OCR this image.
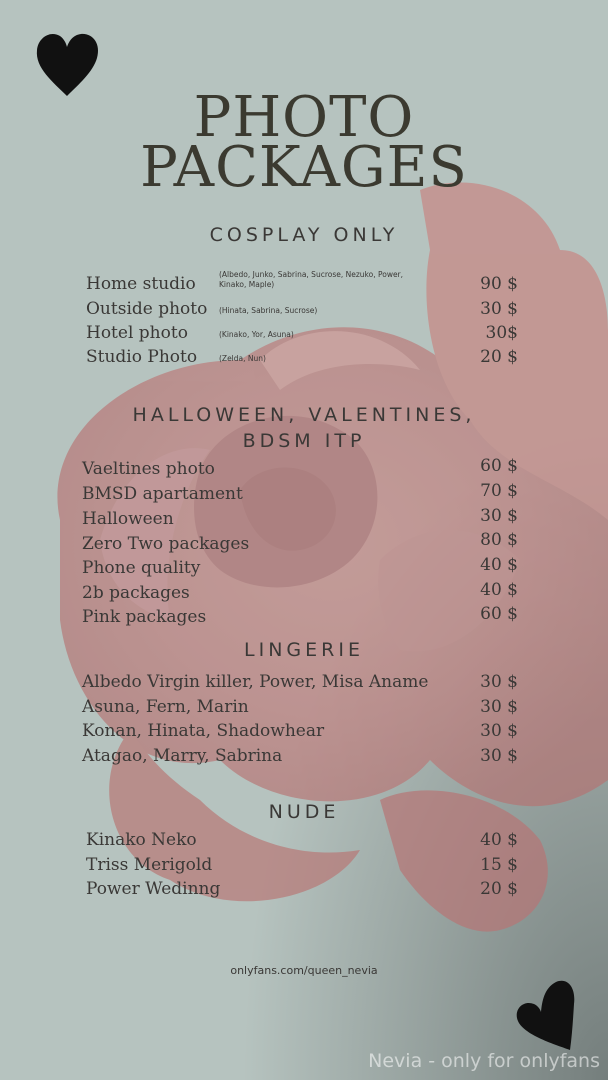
PHOTO
PACKAGES
COSPLAY ONLY
Home studio	(Albedo, Junko, Sabrina, Sucrose, Nezuko, Power, Kinako, Maple)	90 $
Outside photo (Hinata, Sabrina, Sucrose)	30 $
Hotel photo	(Kinako, Yor, Asuna)	30$
Studio Photo	(Zelda, Nun)	20 $
HALLOWEEN, VALENTINES,
BDSM ITP
Vaeltines photo	60 $
BMSD apartament	70 $
Halloween	30 $
Zero Two packages	80 $
Phone quality	40 $
2b packages	40 $
Pink packages	60 $
LINGERIE
Albedo Virgin killer, Power, Misa Aname	30 $
Asuna, Fern, Marin	30 $
Konan, Hinata, Shadowhear	30 $
Atagao, Marry, Sabrina	30 $
NUDE
Kinako Neko	40 $
Triss Merigold	15 $
Power Wedinng	20 $
onlyfans.com/queen_nevia
Nevia - only for onlyfans
